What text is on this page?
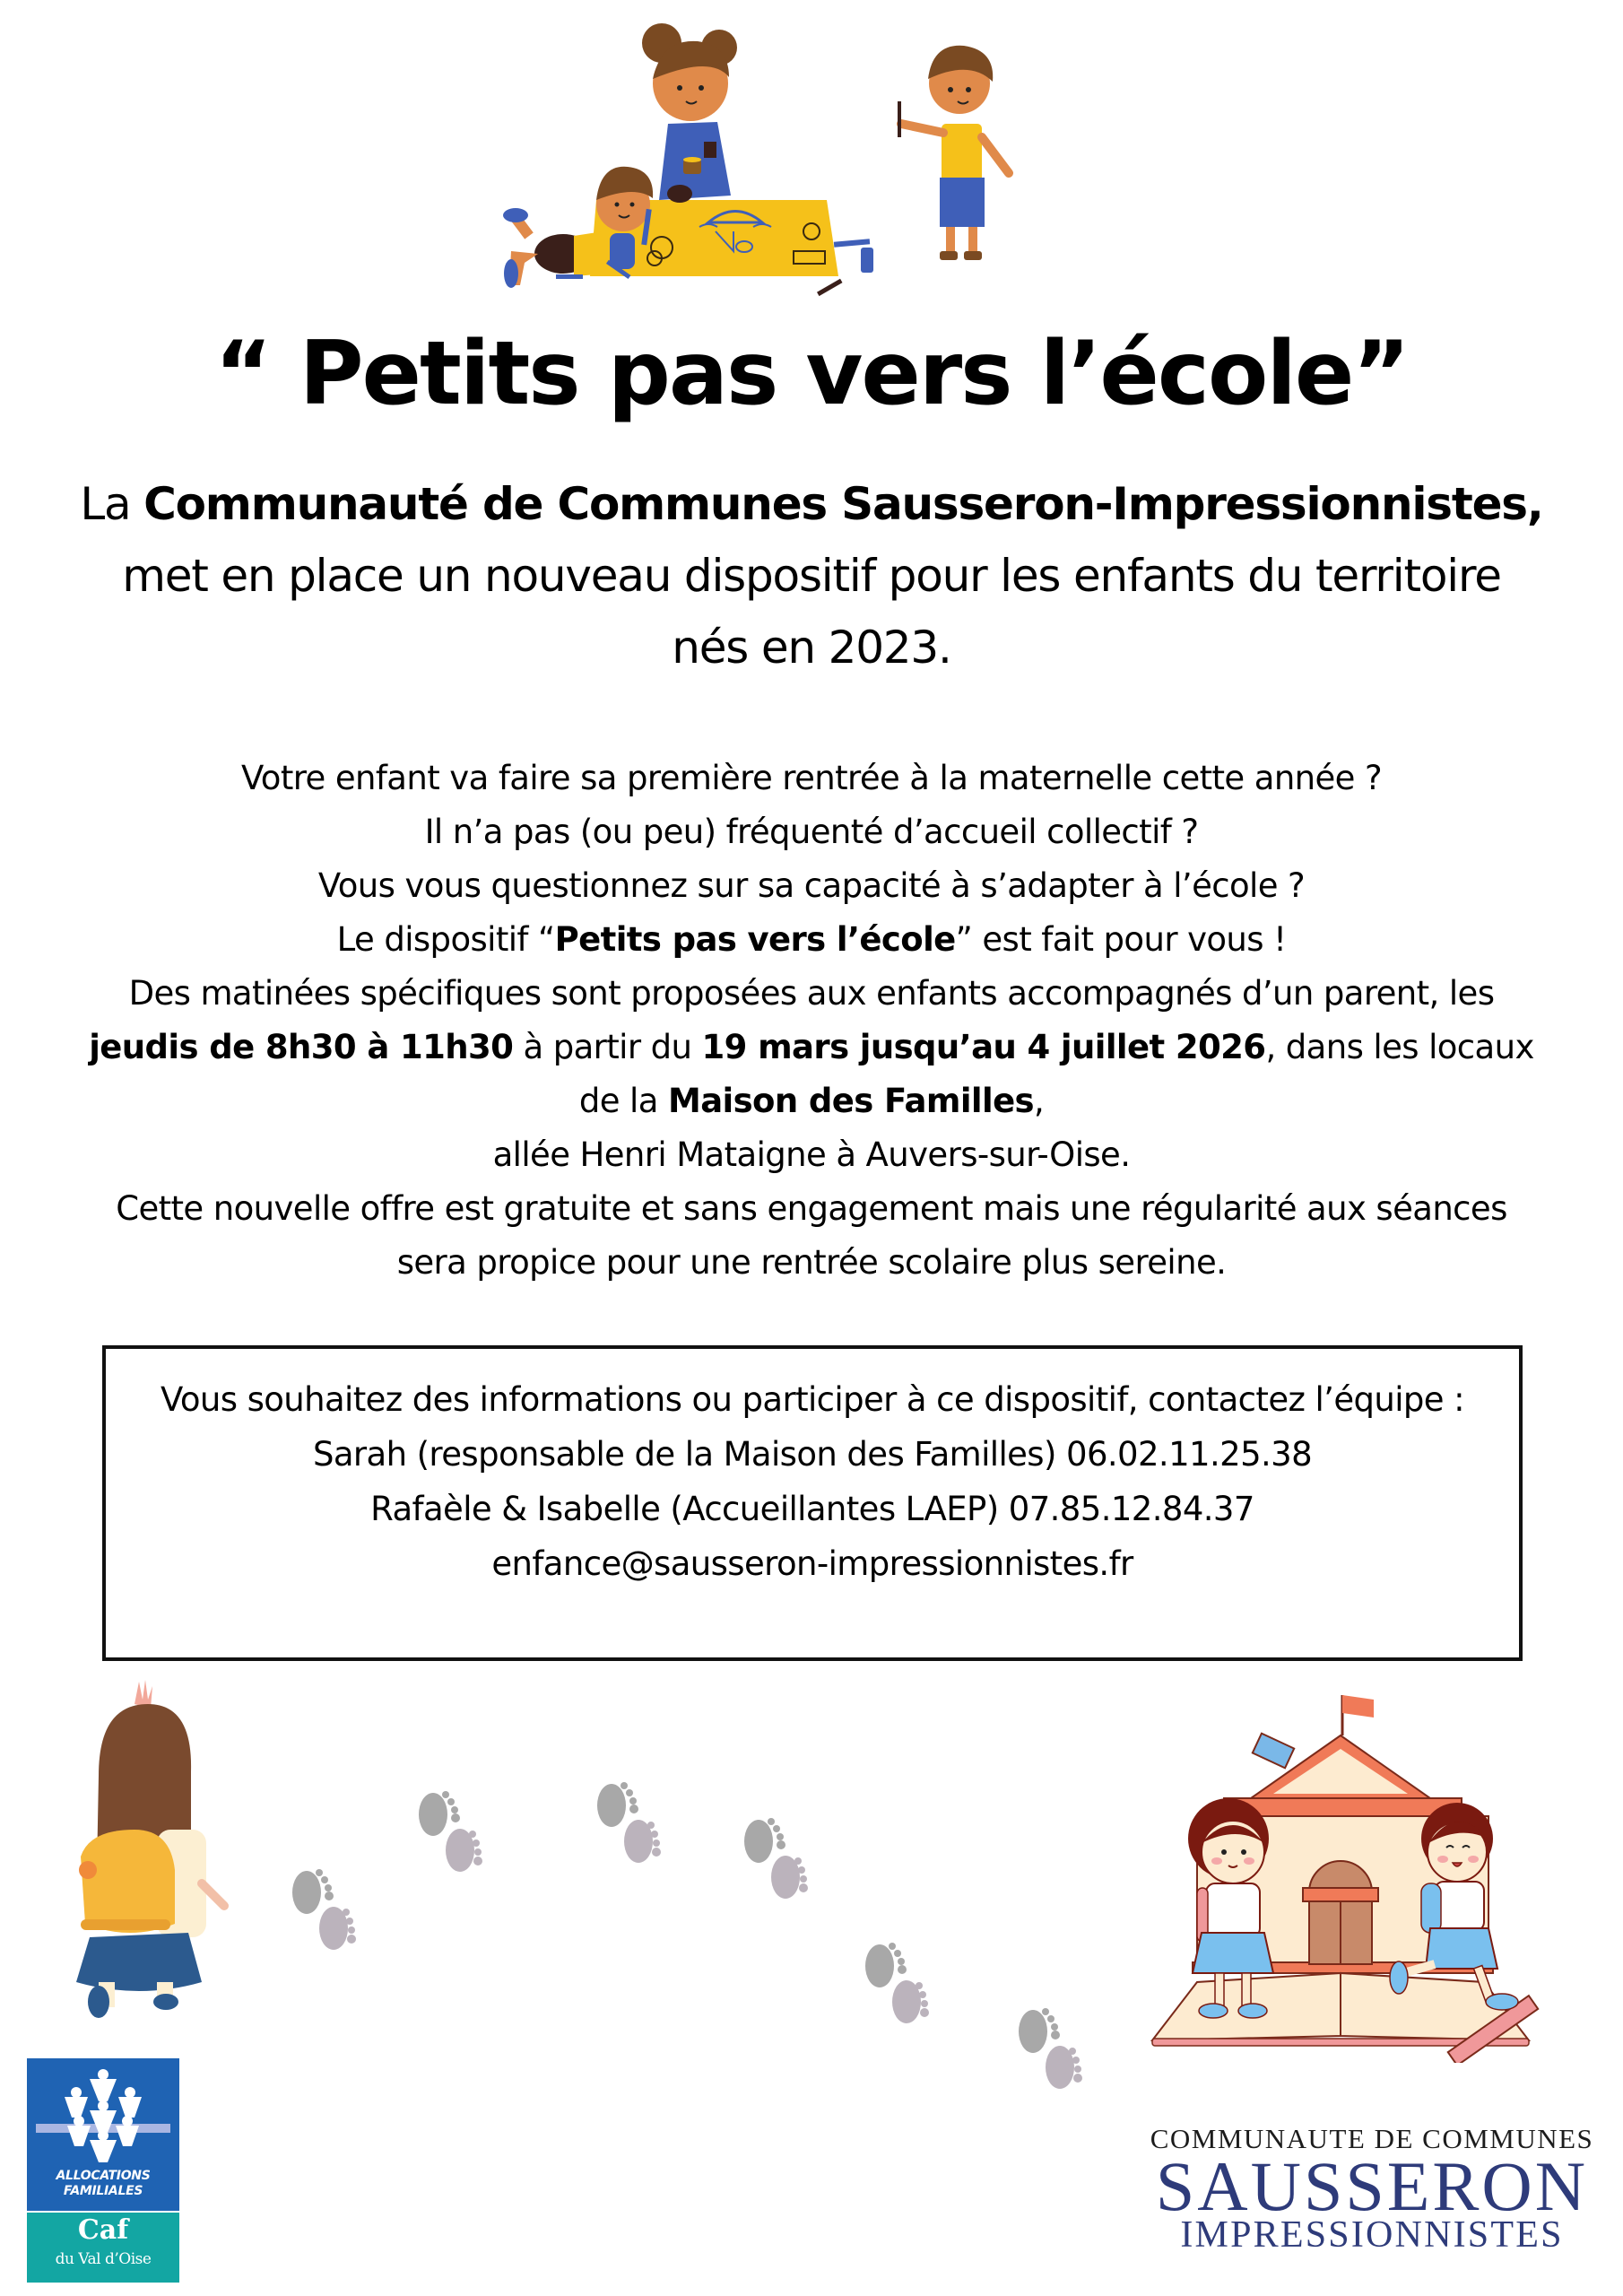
“ Petits pas vers l’école”
La Communauté de Communes Sausseron-Impressionnistes,
met en place un nouveau dispositif pour les enfants du territoire
nés en 2023.
Votre enfant va faire sa première rentrée à la maternelle cette année ?
Il n’a pas (ou peu) fréquenté d’accueil collectif ?
Vous vous questionnez sur sa capacité à s’adapter à l’école ?
Le dispositif “Petits pas vers l’école” est fait pour vous !
Des matinées spécifiques sont proposées aux enfants accompagnés d’un parent, les
jeudis de 8h30 à 11h30 à partir du 19 mars jusqu’au 4 juillet 2026, dans les locaux
de la Maison des Familles,
allée Henri Mataigne à Auvers-sur-Oise.
Cette nouvelle offre est gratuite et sans engagement mais une régularité aux séances
sera propice pour une rentrée scolaire plus sereine.
Vous souhaitez des informations ou participer à ce dispositif, contactez l’équipe :
Sarah (responsable de la Maison des Familles) 06.02.11.25.38
Rafaèle & Isabelle (Accueillantes LAEP) 07.85.12.84.37
enfance@sausseron-impressionnistes.fr
ALLOCATIONS
FAMILIALES
Caf
du Val d’Oise
COMMUNAUTE DE COMMUNES
SAUSSERON
IMPRESSIONNISTES
